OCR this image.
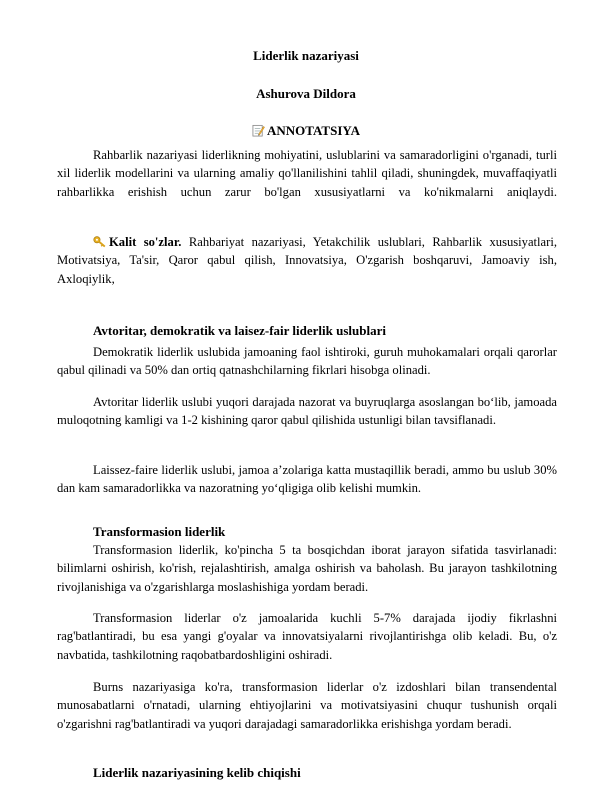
Liderlik nazariyasi
Ashurova Dildora
ANNOTATSIYA
Rahbarlik nazariyasi liderlikning mohiyatini, uslublarini va samaradorligini o'rganadi, turli xil liderlik modellarini va ularning amaliy qo'llanilishini tahlil qiladi, shuningdek, muvaffaqiyatli rahbarlikka erishish uchun zarur bo'lgan xususiyatlarni va ko'nikmalarni aniqlaydi.
Kalit so'zlar. Rahbariyat nazariyasi, Yetakchilik uslublari, Rahbarlik xususiyatlari, Motivatsiya, Ta'sir, Qaror qabul qilish, Innovatsiya, O'zgarish boshqaruvi, Jamoaviy ish, Axloqiylik,
Avtoritar, demokratik va laisez-fair liderlik uslublari
Demokratik liderlik uslubida jamoaning faol ishtiroki, guruh muhokamalari orqali qarorlar qabul qilinadi va 50% dan ortiq qatnashchilarning fikrlari hisobga olinadi.
Avtoritar liderlik uslubi yuqori darajada nazorat va buyruqlarga asoslangan bo‘lib, jamoada muloqotning kamligi va 1-2 kishining qaror qabul qilishida ustunligi bilan tavsiflanadi.
Laissez-faire liderlik uslubi, jamoa a’zolariga katta mustaqillik beradi, ammo bu uslub 30% dan kam samaradorlikka va nazoratning yo‘qligiga olib kelishi mumkin.
Transformasion liderlik
Transformasion liderlik, ko'pincha 5 ta bosqichdan iborat jarayon sifatida tasvirlanadi: bilimlarni oshirish, ko'rish, rejalashtirish, amalga oshirish va baholash. Bu jarayon tashkilotning rivojlanishiga va o'zgarishlarga moslashishiga yordam beradi.
Transformasion liderlar o'z jamoalarida kuchli 5-7% darajada ijodiy fikrlashni rag'batlantiradi, bu esa yangi g'oyalar va innovatsiyalarni rivojlantirishga olib keladi. Bu, o'z navbatida, tashkilotning raqobatbardoshligini oshiradi.
Burns nazariyasiga ko'ra, transformasion liderlar o'z izdoshlari bilan transendental munosabatlarni o'rnatadi, ularning ehtiyojlarini va motivatsiyasini chuqur tushunish orqali o'zgarishni rag'batlantiradi va yuqori darajadagi samaradorlikka erishishga yordam beradi.
Liderlik nazariyasining kelib chiqishi
